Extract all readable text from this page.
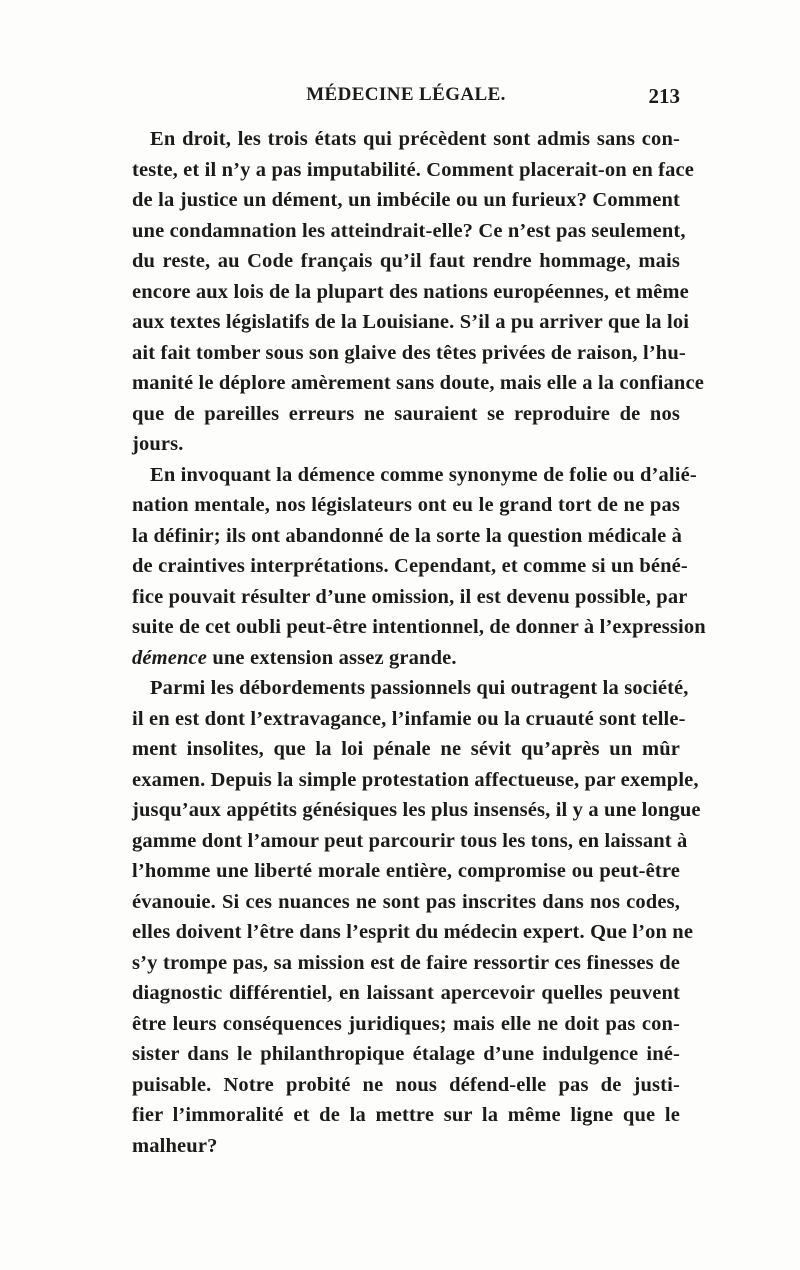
MÉDECINE LÉGALE.	213
En droit, les trois états qui précèdent sont admis sans con-
teste, et il n’y a pas imputabilité. Comment placerait-on en face
de la justice un dément, un imbécile ou un furieux? Comment
une condamnation les atteindrait-elle? Ce n’est pas seulement,
du reste, au Code français qu’il faut rendre hommage, mais
encore aux lois de la plupart des nations européennes, et même
aux textes législatifs de la Louisiane. S’il a pu arriver que la loi
ait fait tomber sous son glaive des têtes privées de raison, l’hu-
manité le déplore amèrement sans doute, mais elle a la confiance
que de pareilles erreurs ne sauraient se reproduire de nos
jours.
En invoquant la démence comme synonyme de folie ou d’alié-
nation mentale, nos législateurs ont eu le grand tort de ne pas
la définir; ils ont abandonné de la sorte la question médicale à
de craintives interprétations. Cependant, et comme si un béné-
fice pouvait résulter d’une omission, il est devenu possible, par
suite de cet oubli peut-être intentionnel, de donner à l’expression
démence une extension assez grande.
Parmi les débordements passionnels qui outragent la société,
il en est dont l’extravagance, l’infamie ou la cruauté sont telle-
ment insolites, que la loi pénale ne sévit qu’après un mûr
examen. Depuis la simple protestation affectueuse, par exemple,
jusqu’aux appétits génésiques les plus insensés, il y a une longue
gamme dont l’amour peut parcourir tous les tons, en laissant à
l’homme une liberté morale entière, compromise ou peut-être
évanouie. Si ces nuances ne sont pas inscrites dans nos codes,
elles doivent l’être dans l’esprit du médecin expert. Que l’on ne
s’y trompe pas, sa mission est de faire ressortir ces finesses de
diagnostic différentiel, en laissant apercevoir quelles peuvent
être leurs conséquences juridiques; mais elle ne doit pas con-
sister dans le philanthropique étalage d’une indulgence iné-
puisable. Notre probité ne nous défend-elle pas de justi-
fier l’immoralité et de la mettre sur la même ligne que le
malheur?
